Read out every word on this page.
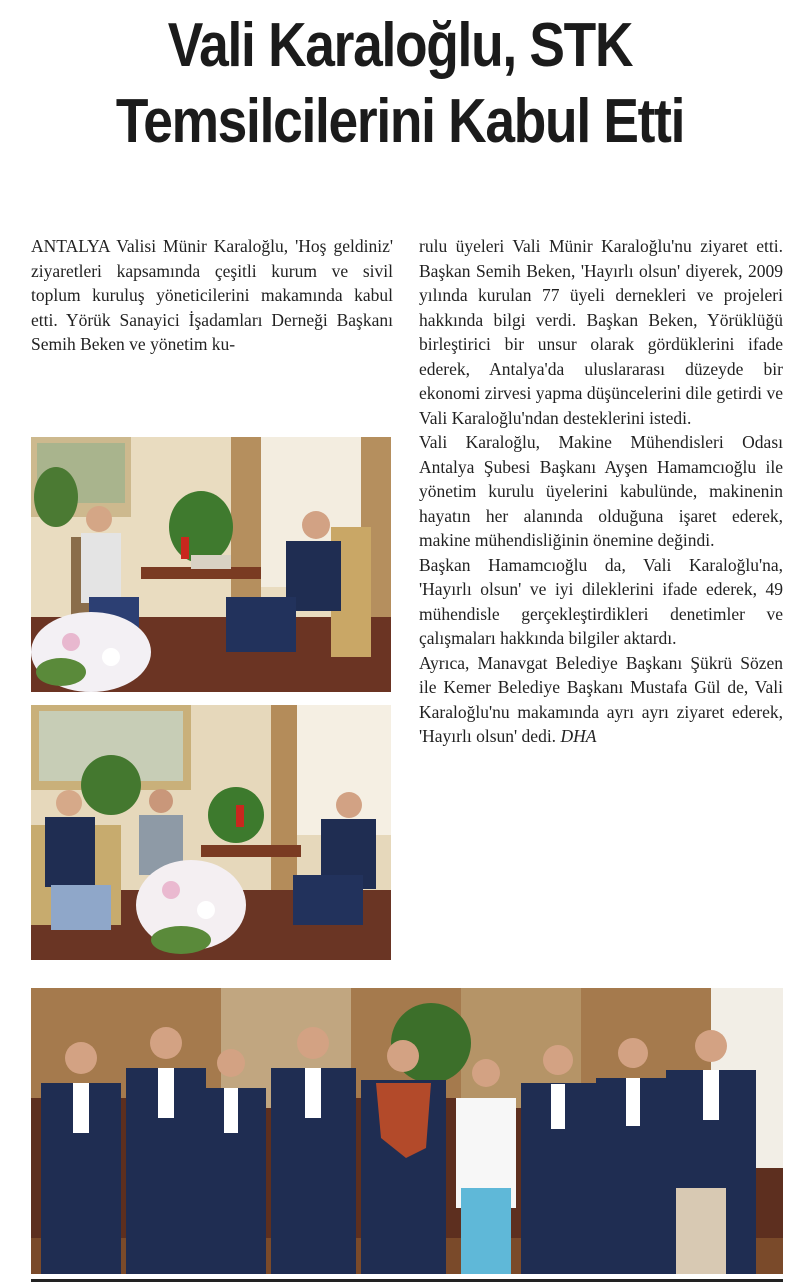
Vali Karaloğlu, STK
Temsilcilerini Kabul Etti

ANTALYA Valisi Münir Karaloğlu, 'Hoş geldiniz' ziyaretleri kapsamında çeşitli kurum ve sivil toplum kuruluş yöneticilerini makamında kabul etti. Yörük Sanayici İşadamları Derneği Başkanı Semih Beken ve yönetim ku-

rulu üyeleri Vali Münir Karaloğlu'nu ziyaret etti. Başkan Semih Beken, 'Hayırlı olsun' diyerek, 2009 yılında kurulan 77 üyeli dernekleri ve projeleri hakkında bilgi verdi. Başkan Beken, Yörüklüğü birleştirici bir unsur olarak gördüklerini ifade ederek, Antalya'da uluslararası düzeyde bir ekonomi zirvesi yapma düşüncelerini dile getirdi ve Vali Karaloğlu'ndan desteklerini istedi.

Vali Karaloğlu, Makine Mühendisleri Odası Antalya Şubesi Başkanı Ayşen Hamamcıoğlu ile yönetim kurulu üyelerini kabulünde, makinenin hayatın her alanında olduğuna işaret ederek, makine mühendisliğinin önemine değindi.

Başkan Hamamcıoğlu da, Vali Karaloğlu'na, 'Hayırlı olsun' ve iyi dileklerini ifade ederek, 49 mühendisle gerçekleştirdikleri denetimler ve çalışmaları hakkında bilgiler aktardı.

Ayrıca, Manavgat Belediye Başkanı Şükrü Sözen ile Kemer Belediye Başkanı Mustafa Gül de, Vali Karaloğlu'nu makamında ayrı ayrı ziyaret ederek, 'Hayırlı olsun' dedi. DHA
